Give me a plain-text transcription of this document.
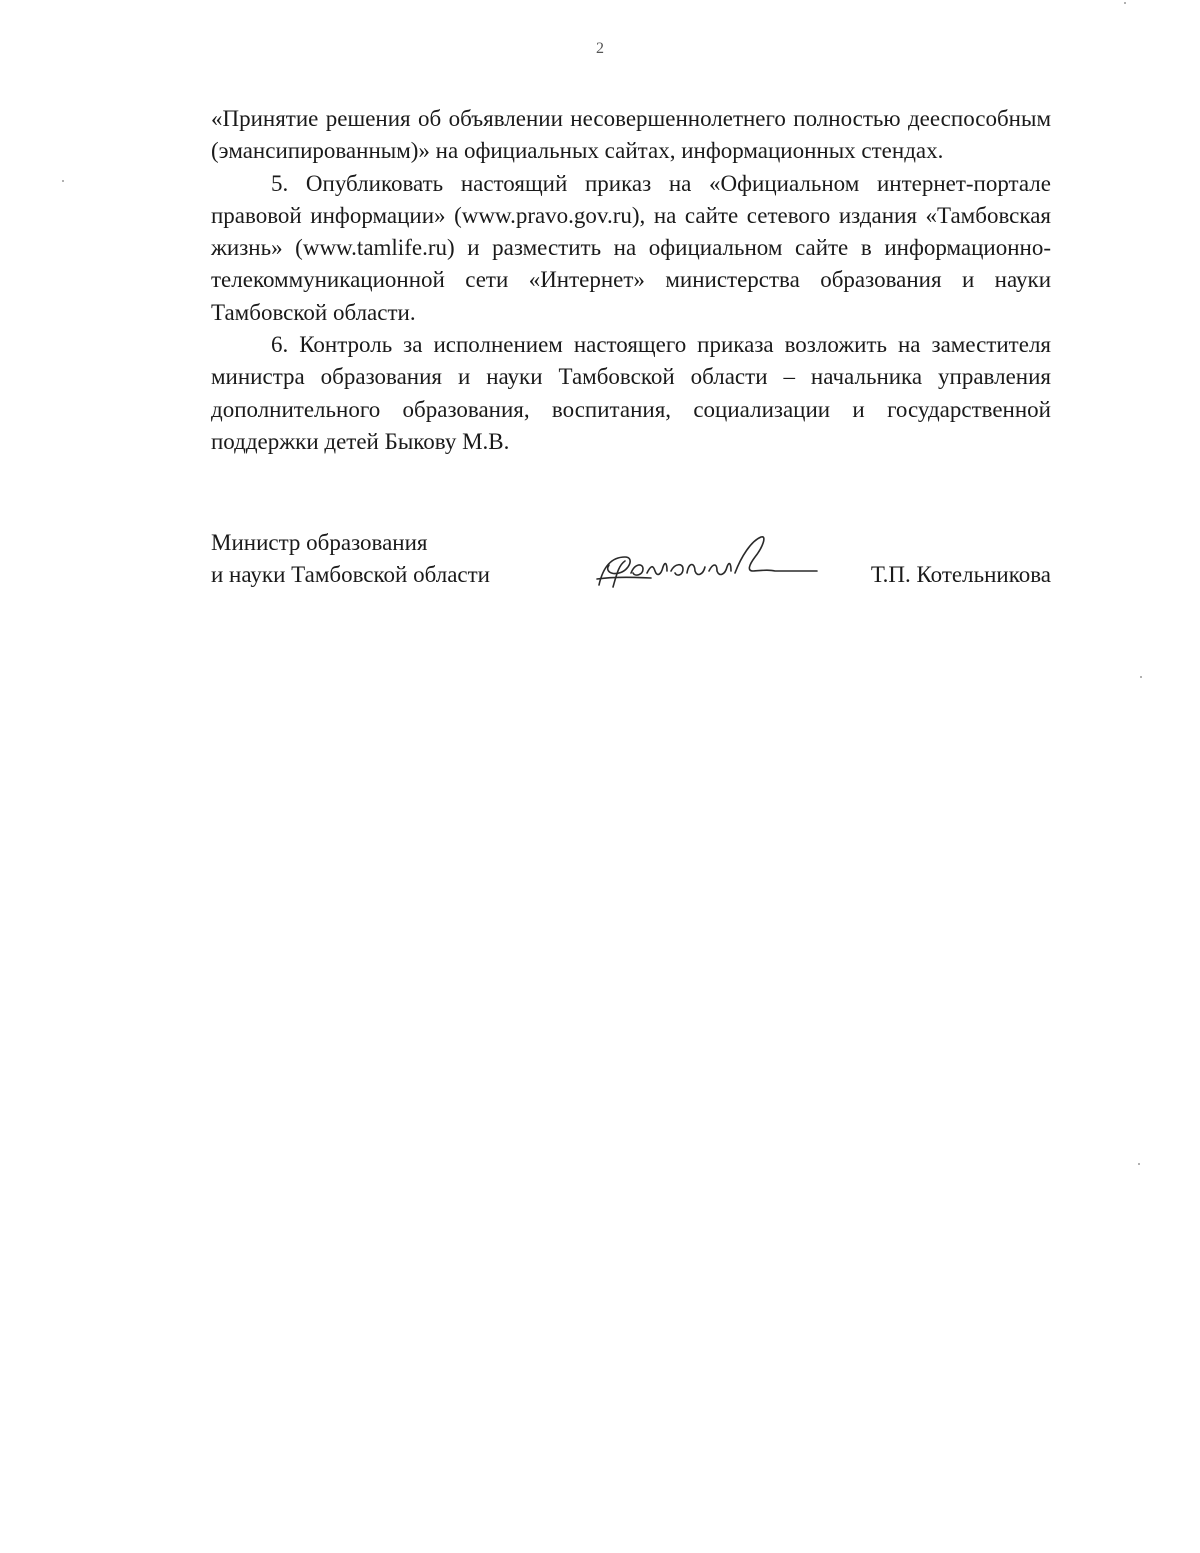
2

«Принятие решения об объявлении несовершеннолетнего полностью дееспособным (эмансипированным)» на официальных сайтах, информационных стендах.

5. Опубликовать настоящий приказ на «Официальном интернет-портале правовой информации» (www.pravo.gov.ru), на сайте сетевого издания «Тамбовская жизнь» (www.tamlife.ru) и разместить на официальном сайте в информационно-телекоммуникационной сети «Интернет» министерства образования и науки Тамбовской области.

6. Контроль за исполнением настоящего приказа возложить на заместителя министра образования и науки Тамбовской области – начальника управления дополнительного образования, воспитания, социализации и государственной поддержки детей Быкову М.В.

Министр образования
и науки Тамбовской области	Т.П. Котельникова
